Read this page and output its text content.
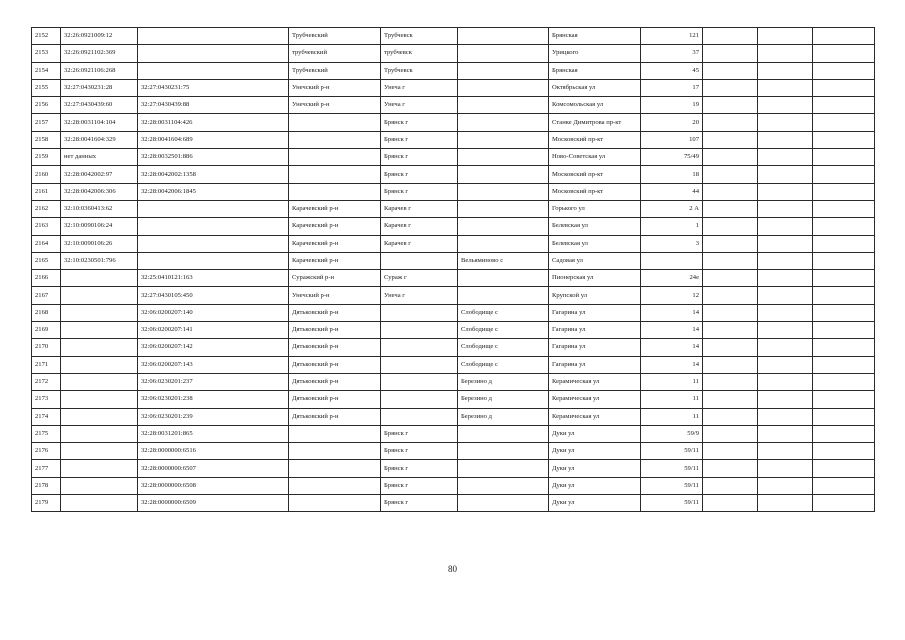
2152	32:26:0921009:12		Трубчевский	Трубчевск		Брянская	121			
2153	32:26:0921102:369		трубчевский	трубчевск		Урицкого	37			
2154	32:26:0921106:268		Трубчевский	Трубчевск		Брянская	45			
2155	32:27:0430231:28	32:27:0430231:75	Унечский р-н	Унеча г		Октябрьская ул	17			
2156	32:27:0430439:60	32:27:0430439:88	Унечский р-н	Унеча г		Комсомольская ул	19			
2157	32:28:0031104:104	32:28:0031104:426		Брянск г		Станке Димитрова пр-кт	20			
2158	32:28:0041604:329	32:28:0041604:689		Брянск г		Московский пр-кт	107			
2159	нет данных	32:28:0032501:886		Брянск г		Ново-Советская ул	75/49			
2160	32:28:0042002:97	32:28:0042002:1358		Брянск г		Московский пр-кт	18			
2161	32:28:0042006:306	32:28:0042006:1845		Брянск г		Московский пр-кт	44			
2162	32:10:0360413:62		Карачевский р-н	Карачев г		Горького ул	2 А			
2163	32:10:0090106:24		Карачевский р-н	Карачев г		Белевская ул	1			
2164	32:10:0090106:26		Карачевский р-н	Карачев г		Белевская ул	3			
2165	32:10:0230501:796		Карачевский р-н		Вельяминово с	Садовая ул				
2166		32:25:0410121:163	Суражский р-н	Сураж г		Пионерская ул	24е			
2167		32:27:0430105:450	Унечский р-н	Унеча г		Крупской ул	12			
2168		32:06:0200207:140	Дятьковский р-н		Слободище с	Гагарина ул	14			
2169		32:06:0200207:141	Дятьковский р-н		Слободище с	Гагарина ул	14			
2170		32:06:0200207:142	Дятьковский р-н		Слободище с	Гагарина ул	14			
2171		32:06:0200207:143	Дятьковский р-н		Слободище с	Гагарина ул	14			
2172		32:06:0230201:237	Дятьковский р-н		Березино д	Керамическая ул	11			
2173		32:06:0230201:238	Дятьковский р-н		Березино д	Керамическая ул	11			
2174		32:06:0230201:239	Дятьковский р-н		Березино д	Керамическая ул	11			
2175		32:28:0031201:865		Брянск г		Дуки ул	59/9			
2176		32:28:0000000:6516		Брянск г		Дуки ул	59/11			
2177		32:28:0000000:6507		Брянск г		Дуки ул	59/11			
2178		32:28:0000000:6508		Брянск г		Дуки ул	59/11			
2179		32:28:0000000:6509		Брянск г		Дуки ул	59/11			
80
